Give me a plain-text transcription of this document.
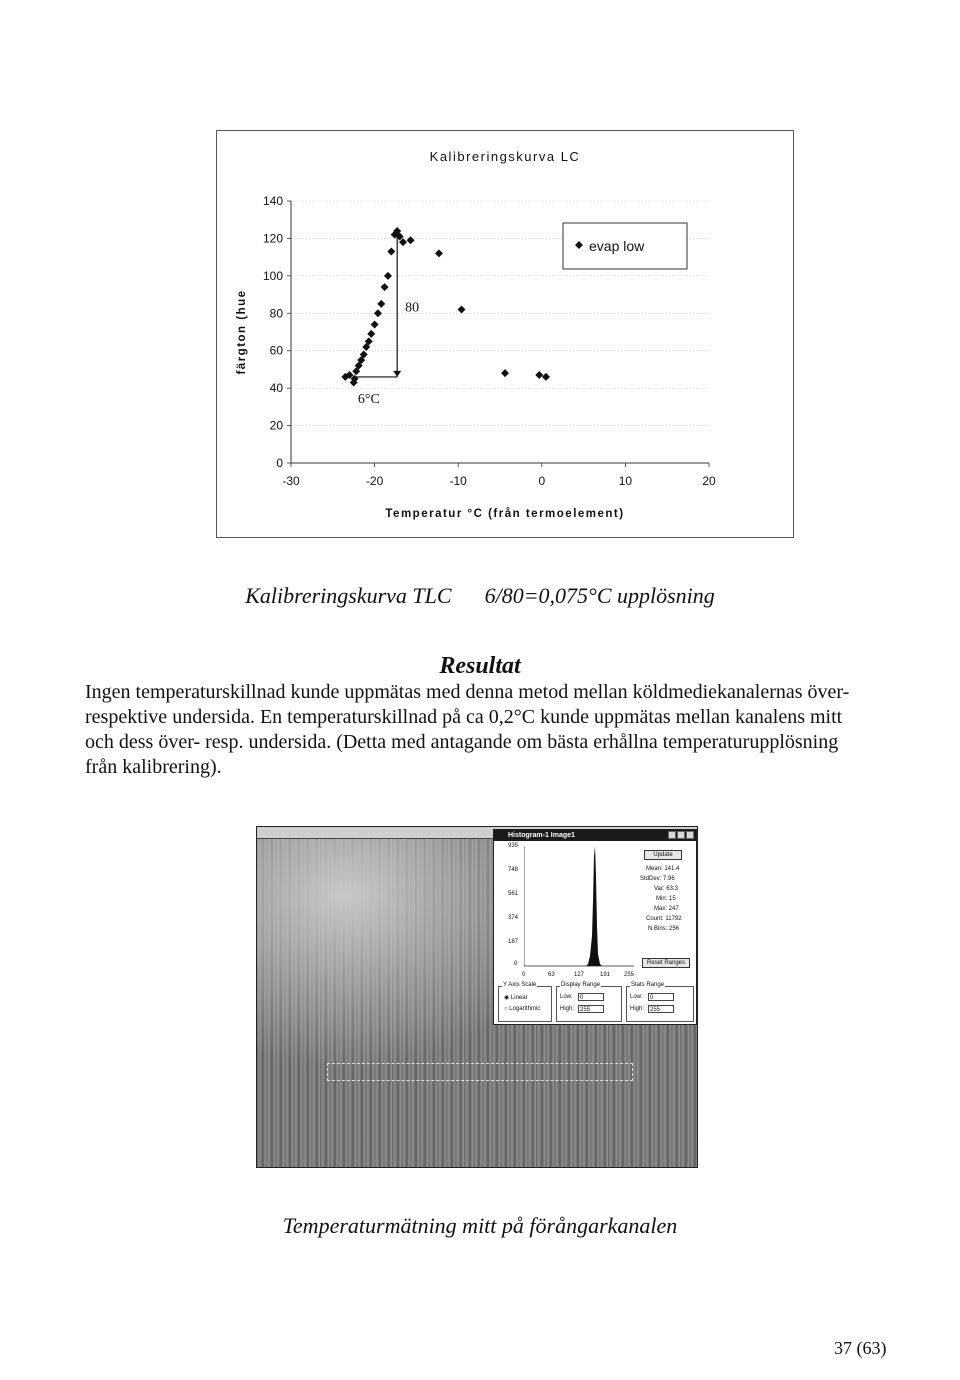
0
20
40
60
80
100
120
140
-30	-20	-10	0	10	20
Kalibreringskurva LC
Temperatur °C (från termoelement)
färgton (hue	80
6°C
evap low
Kalibreringskurva TLC 6/80=0,075°C upplösning
Resultat
Ingen temperaturskillnad kunde uppmätas med denna metod mellan köldmediekanalernas över-
respektive undersida. En temperaturskillnad på ca 0,2°C kunde uppmätas mellan kanalens mitt
och dess över- resp. undersida. (Detta med antagande om bästa erhållna temperaturupplösning
från kalibrering).
Histogram-1 Image1
935
748
561
374
187
0
0	63	127	191 255
Update
Mean: 141.4
StdDev: 7.96
Var: 63.3
Min: 15
Max: 247
Count: 11792
N Bins: 256
Reset Ranges
Y Axis Scale
◉ Linear
○ Logarithmic
Display Range
Low:	0
High: 255
Stats Range
Low:	0
High: 255
Temperaturmätning mitt på förångarkanalen
37 (63)
